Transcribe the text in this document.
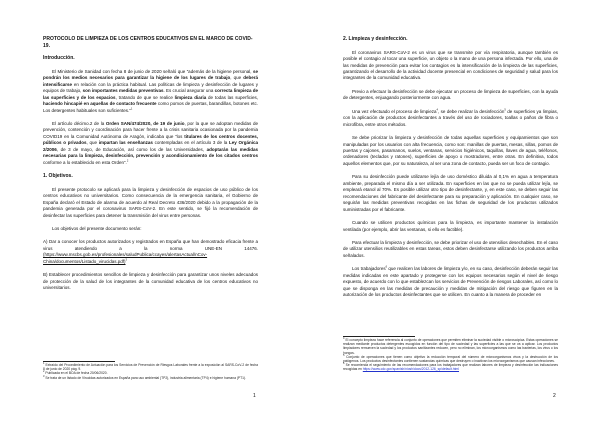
PROTOCOLO DE LIMPIEZA DE LOS CENTROS EDUCATIVOS EN EL MARCO DE COVID-19.
Introducción.
El Ministerio de Sanidad con fecha 8 de junio de 2020 señaló que “además de la higiene personal, se pondrán los medios necesarios para garantizar la higiene de los lugares de trabajo, que deberá intensificarse en relación con la práctica habitual. Las políticas de limpieza y desinfección de lugares y equipos de trabajo, son importantes medidas preventivas. Es crucial asegurar una correcta limpieza de las superficies y de los espacios, tratando de que se realice limpieza diaria de todas las superficies, haciendo hincapié en aquellas de contacto frecuente como pomos de puertas, barandillas, botones etc. Los detergentes habituales son suficientes.”$^1$
El artículo décimo.2 de la Orden SAN/474/2020, de 19 de junio, por la que se adoptan medidas de prevención, contención y coordinación para hacer frente a la crisis sanitaria ocasionada por la pandemia COVID19 en la Comunidad Autónoma de Aragón, indicaba que “los titulares de los centros docentes, públicos o privados, que impartan las enseñanzas contempladas en el artículo 3 de la Ley Orgánica 2/2006, de 3 de mayo, de Educación, así como los de las Universidades, adoptarán las medidas necesarias para la limpieza, desinfección, prevención y acondicionamiento de los citados centros conforme a lo establecido en esta Orden”.$^2$
1. Objetivos.
El presente protocolo se aplicará para la limpieza y desinfección de espacios de uso público de los centros educativos no universitarios. Como consecuencia de la emergencia sanitaria, el Gobierno de España declaró el Estado de alarma de acuerdo al Real Decreto 436/2020 debido a la propagación de la pandemia generada por el coronavirus SARS-CoV-2. En este sentido, se fijó la recomendación de desinfectar las superficies para detener la transmisión del virus entre personas.
Los objetivos del presente documento serán:
A) Dar a conocer los productos autorizados y registrados en España que han demostrado eficacia frente a virus atendiendo a la norma UNE-EN 14476. (https://www.mscbs.gob.es/profesionales/saludPublica/ccayes/alertasActual/nCov-China/documentos/Listado_virucidas.pdf)$^3$
B) Establecer procedimientos sencillos de limpieza y desinfección para garantizar unos niveles adecuados de protección de la salud de los integrantes de la comunidad educativa de los centros educativos no universitarios.

$^1$ Extraído del Procedimiento de Actuación para los Servicios de Prevención de Riesgos Laborales frente a la exposición al SARS-CoV-2 de fecha 8 de junio de 2020 pág. 9.

$^2$ Publicada en el BOA de fecha 20/06/2020.

$^3$ Se trata de un listado de Virucidas autorizados en España para uso ambiental (TP2), industria alimentaria (TP4) e higiene humana (PT1).

1
2. Limpieza y desinfección.
El coronavirus SARS-CoV-2 es un virus que se transmite por vía respiratoria, aunque también es posible el contagio al tocar una superficie, un objeto o la mano de una persona infectada. Por ello, una de las medidas de prevención para evitar los contagios es la intensificación de la limpieza de las superficies, garantizando el desarrollo de la actividad docente presencial en condiciones de seguridad y salud para los integrantes de la comunidad educativa.
Previo a efectuar la desinfección se debe ejecutar un proceso de limpieza de superficies, con la ayuda de detergentes, enjuagando posteriormente con agua.
Una vez efectuado el proceso de limpieza$^4$, se debe realizar la desinfección$^5$ de superficies ya limpias, con la aplicación de productos desinfectantes a través del uso de rociadores, toallas o paños de fibra o microfibra, entre otros métodos.
Se debe priorizar la limpieza y desinfección de todas aquellas superficies y equipamientos que son manipuladas por los usuarios con alta frecuencia, como son: manillas de puertas, mesas, sillas, pomos de puertas y cajones, pasamanos, suelos, ventanas, servicios higiénicos, taquillas, llaves de agua, teléfonos, ordenadores (teclados y ratones), superficies de apoyo o mostradores, entre otras. En definitiva, todos aquellos elementos que, por su naturaleza, al ser una zona de contacto, pueda ser un foco de contagio.
Para su desinfección puede utilizarse lejía de uso doméstico diluida al 0,1% en agua a temperatura ambiente, preparada el mismo día a ser utilizada. En superficies en las que no se pueda utilizar lejía, se empleará etanol al 70%. Es posible utilizar otro tipo de desinfectante, y, en este caso, se deben seguir las recomendaciones del fabricante del desinfectante para su preparación y aplicación. En cualquier caso, se seguirán las medidas preventivas recogidas en las fichas de seguridad de los productos utilizados suministradas por el fabricante.
Cuando se utilicen productos químicos para la limpieza, es importante mantener la instalación ventilada (por ejemplo, abrir las ventanas, si ello es factible).
Para efectuar la limpieza y desinfección, se debe priorizar el uso de utensilios desechables. En el caso de utilizar utensilios reutilizables en estas tareas, estos deben desinfectarse utilizando los productos arriba señalados.
Los trabajadores$^6$ que realicen las labores de limpieza y/o, en su caso, desinfección deberán seguir las medidas indicadas en este apartado y protegerse con los equipos necesarios según el nivel de riesgo expuesto, de acuerdo con lo que establezcan los servicios de Prevención de riesgos Laborales, así como lo que se disponga en las medidas de precaución y medidas de mitigación del riesgo que figuren en la autorización de los productos desinfectantes que se utilicen. En cuanto a la manera de proceder en

$^4$ El concepto limpieza hace referencia al conjunto de operaciones que permiten eliminar la suciedad visible o microscópica. Estas operaciones se realizan mediante productos detergentes escogidos en función del tipo de suciedad y las superficies a las que se va a aplicar. Los productos limpiadores remueven la suciedad y los productos sanitizantes reducen, pero no eliminan, los microorganismos como las bacterias, los virus o los hongos.

$^5$ Conjunto de operaciones que tienen como objetivo la reducción temporal del número de microorganismos vivos y la destrucción de los patógenos. Los productos desinfectantes contienen sustancias químicas que destruyen o inactivan los microorganismos que causan infecciones.

$^6$ Se recomienda el seguimiento de las recomendaciones para los trabajadores que realizan labores de limpieza y desinfección las indicaciones recogidas en https://www.cdc.gov/spanish/niosh/docs/2012-126_sp/default.html

2
